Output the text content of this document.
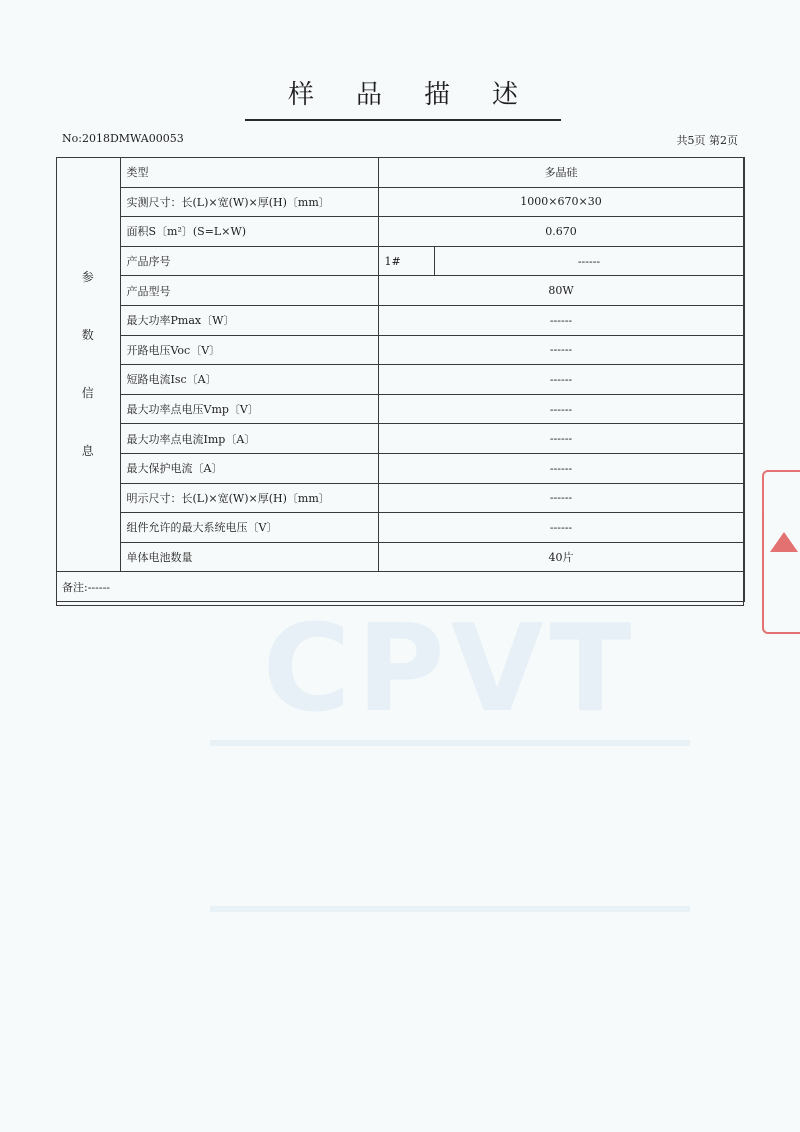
CPVT
样品描述
No:2018DMWA00053	共5页 第2页
参
数
信
息	类型	多晶硅	
	实测尺寸：长(L)×宽(W)×厚(H)〔mm〕	1000×670×30	
	面积S〔m²〕(S=L×W)	0.670	
	产品序号	1#	------
	产品型号	80W	
	最大功率Pmax〔W〕	------	
	开路电压Voc〔V〕	------	
	短路电流Isc〔A〕	------	
	最大功率点电压Vmp〔V〕	------	
	最大功率点电流Imp〔A〕	------	
	最大保护电流〔A〕	------	
	明示尺寸：长(L)×宽(W)×厚(H)〔mm〕	------	
	组件允许的最大系统电压〔V〕	------	
	单体电池数量	40片	
备注:------			
